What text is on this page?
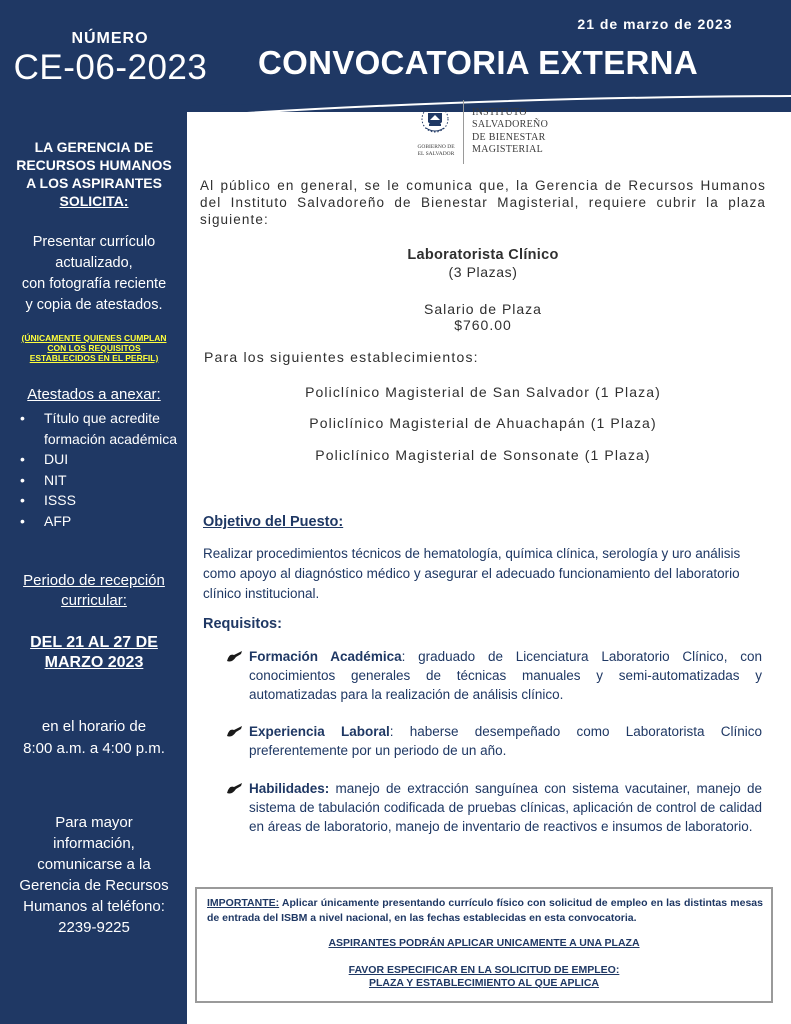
NÚMERO
CE-06-2023
21 de marzo de 2023
CONVOCATORIA EXTERNA
LA GERENCIA DE
RECURSOS HUMANOS
A LOS ASPIRANTES
SOLICITA:
Presentar currículo
actualizado,
con fotografía reciente
y copia de atestados.
(ÚNICAMENTE QUIENES CUMPLAN
CON LOS REQUISITOS
ESTABLECIDOS EN EL PERFIL)
Atestados a anexar:
• Título que acredite formación académica
• DUI
• NIT
• ISSS
• AFP
Periodo de recepción
curricular:
DEL 21 AL 27 DE
MARZO 2023
en el horario de
8:00 a.m. a 4:00 p.m.
Para mayor
información,
comunicarse a la
Gerencia de Recursos
Humanos al teléfono:
2239-9225
GOBIERNO DE
EL SALVADOR
INSTITUTO
SALVADOREÑO
DE BIENESTAR
MAGISTERIAL
Al público en general, se le comunica que, la Gerencia de Recursos Humanos del Instituto Salvadoreño de Bienestar Magisterial, requiere cubrir la plaza siguiente:
Laboratorista Clínico
(3 Plazas)
Salario de Plaza
$760.00
Para los siguientes establecimientos:
Policlínico Magisterial de San Salvador (1 Plaza)
Policlínico Magisterial de Ahuachapán (1 Plaza)
Policlínico Magisterial de Sonsonate (1 Plaza)
Objetivo del Puesto:
Realizar procedimientos técnicos de hematología, química clínica, serología y uro análisis como apoyo al diagnóstico médico y asegurar el adecuado funcionamiento del laboratorio clínico institucional.
Requisitos:
Formación Académica: graduado de Licenciatura Laboratorio Clínico, con conocimientos generales de técnicas manuales y semi-automatizadas y automatizadas para la realización de análisis clínico.
Experiencia Laboral: haberse desempeñado como Laboratorista Clínico preferentemente por un periodo de un año.
Habilidades: manejo de extracción sanguínea con sistema vacutainer, manejo de sistema de tabulación codificada de pruebas clínicas, aplicación de control de calidad en áreas de laboratorio, manejo de inventario de reactivos e insumos de laboratorio.
IMPORTANTE: Aplicar únicamente presentando currículo físico con solicitud de empleo en las distintas mesas de entrada del ISBM a nivel nacional, en las fechas establecidas en esta convocatoria.
ASPIRANTES PODRÁN APLICAR UNICAMENTE A UNA PLAZA
FAVOR ESPECIFICAR EN LA SOLICITUD DE EMPLEO:
PLAZA Y ESTABLECIMIENTO AL QUE APLICA
